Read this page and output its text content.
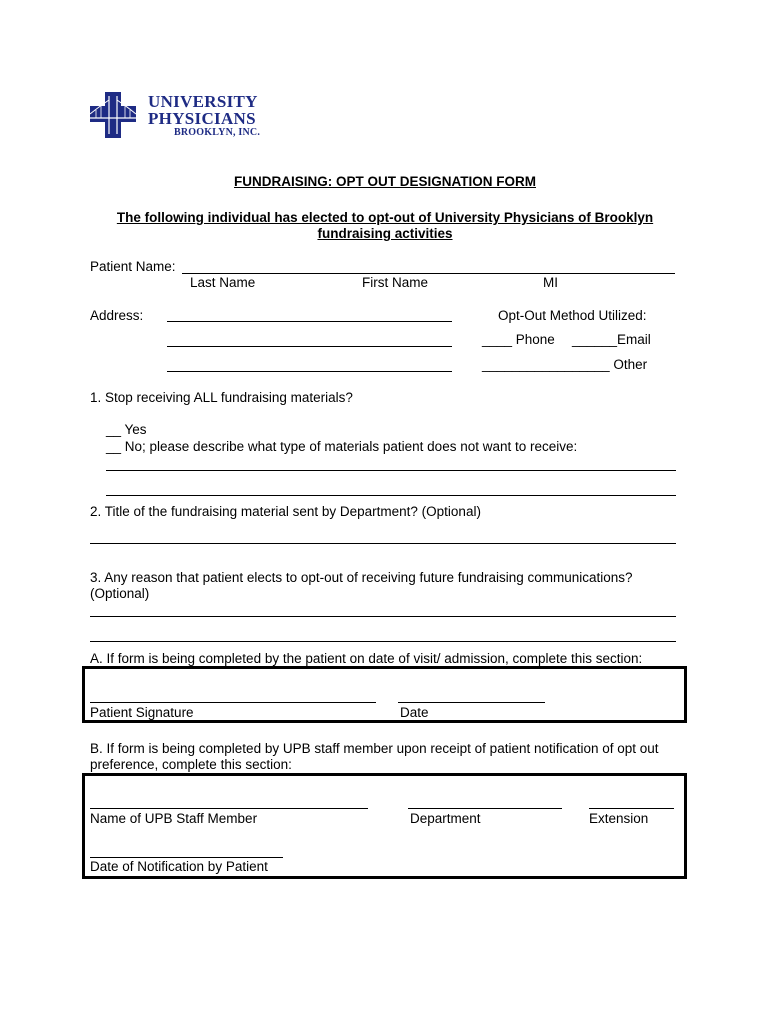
UNIVERSITY
PHYSICIANS
BROOKLYN, INC.
FUNDRAISING: OPT OUT DESIGNATION FORM
The following individual has elected to opt-out of University Physicians of Brooklyn
fundraising activities
Patient Name:
Last Name	First Name	MI
Address:	Opt-Out Method Utilized:
____ Phone ______Email
_________________ Other
1. Stop receiving ALL fundraising materials?
__ Yes
__ No; please describe what type of materials patient does not want to receive:
2. Title of the fundraising material sent by Department? (Optional)
3. Any reason that patient elects to opt-out of receiving future fundraising communications?
(Optional)
A. If form is being completed by the patient on date of visit/ admission, complete this section:
Patient Signature	Date
B. If form is being completed by UPB staff member upon receipt of patient notification of opt out
preference, complete this section:
Name of UPB Staff Member	Department	Extension
Date of Notification by Patient
